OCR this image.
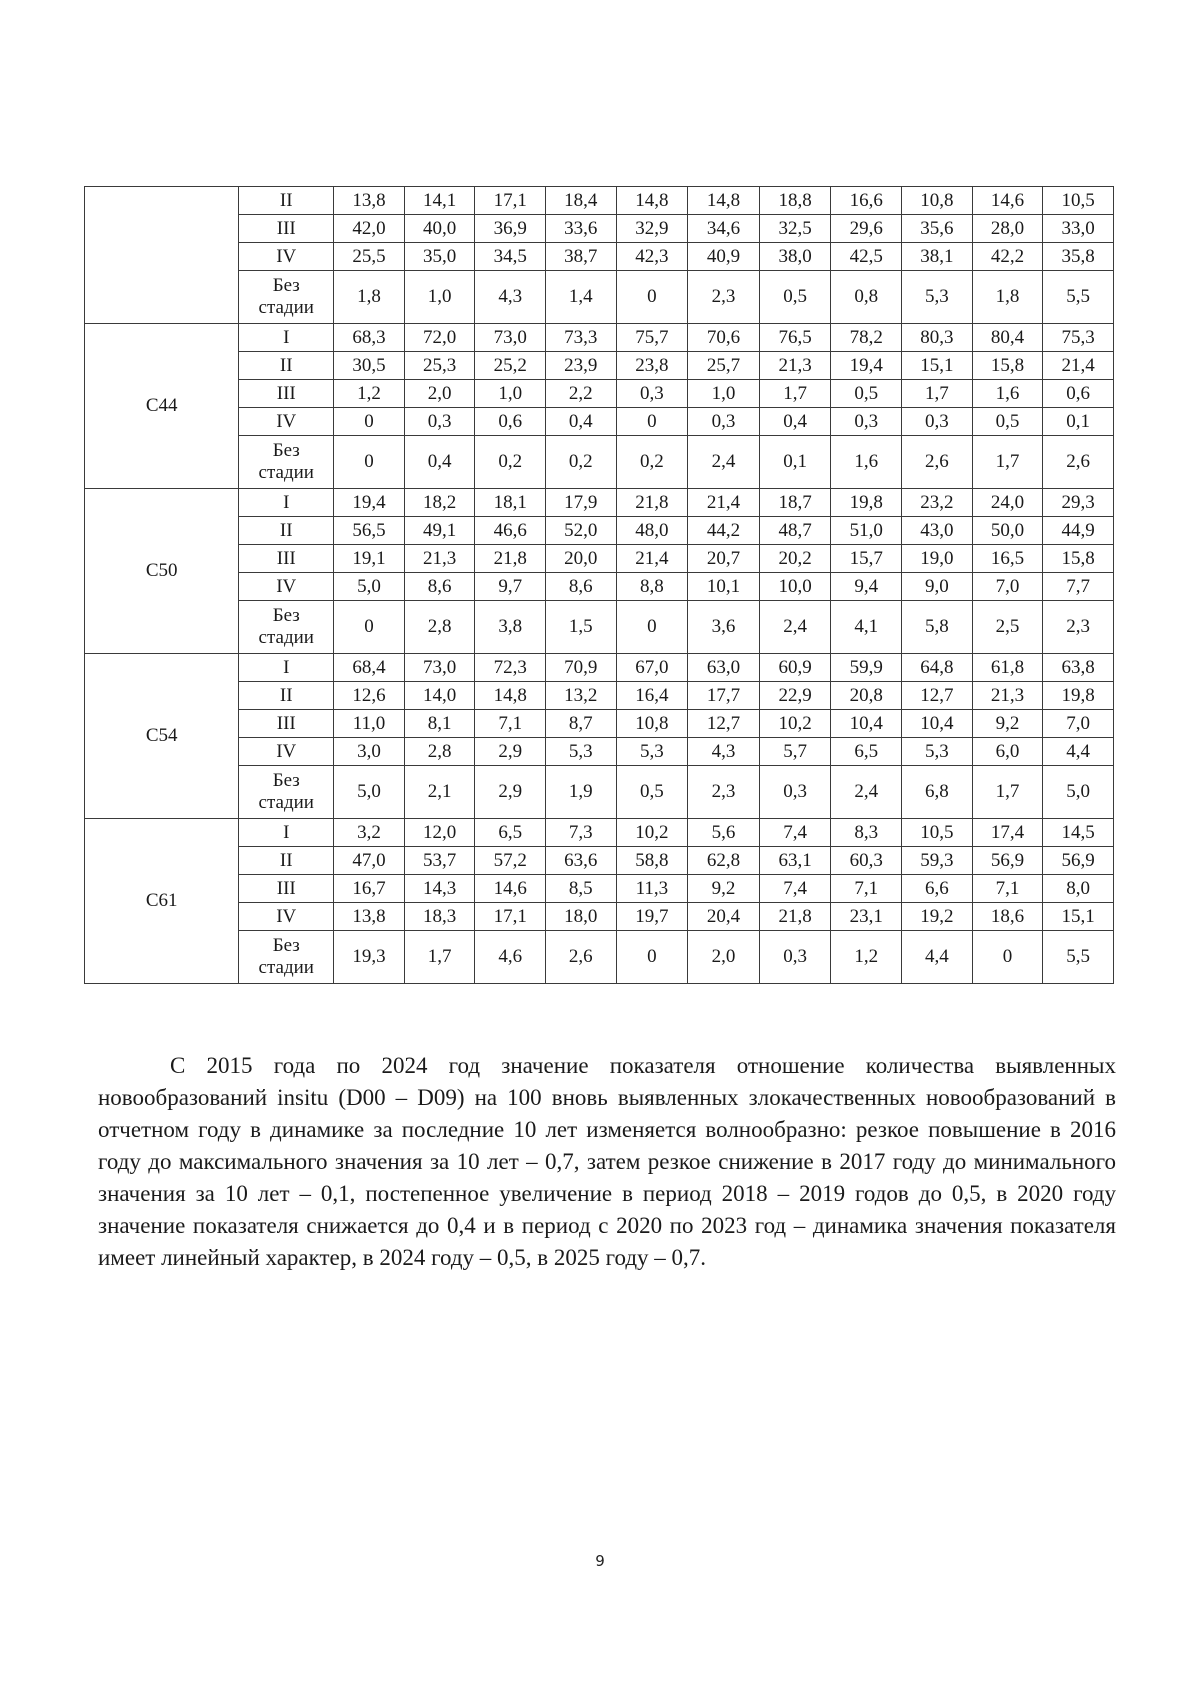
	II	13,8	14,1	17,1	18,4	14,8	14,8	18,8	16,6	10,8	14,6	10,5
	III	42,0	40,0	36,9	33,6	32,9	34,6	32,5	29,6	35,6	28,0	33,0
	IV	25,5	35,0	34,5	38,7	42,3	40,9	38,0	42,5	38,1	42,2	35,8
	Без стадии	1,8	1,0	4,3	1,4	0	2,3	0,5	0,8	5,3	1,8	5,5
C44	I	68,3	72,0	73,0	73,3	75,7	70,6	76,5	78,2	80,3	80,4	75,3
	II	30,5	25,3	25,2	23,9	23,8	25,7	21,3	19,4	15,1	15,8	21,4
	III	1,2	2,0	1,0	2,2	0,3	1,0	1,7	0,5	1,7	1,6	0,6
	IV	0	0,3	0,6	0,4	0	0,3	0,4	0,3	0,3	0,5	0,1
	Без стадии	0	0,4	0,2	0,2	0,2	2,4	0,1	1,6	2,6	1,7	2,6
C50	I	19,4	18,2	18,1	17,9	21,8	21,4	18,7	19,8	23,2	24,0	29,3
	II	56,5	49,1	46,6	52,0	48,0	44,2	48,7	51,0	43,0	50,0	44,9
	III	19,1	21,3	21,8	20,0	21,4	20,7	20,2	15,7	19,0	16,5	15,8
	IV	5,0	8,6	9,7	8,6	8,8	10,1	10,0	9,4	9,0	7,0	7,7
	Без стадии	0	2,8	3,8	1,5	0	3,6	2,4	4,1	5,8	2,5	2,3
C54	I	68,4	73,0	72,3	70,9	67,0	63,0	60,9	59,9	64,8	61,8	63,8
	II	12,6	14,0	14,8	13,2	16,4	17,7	22,9	20,8	12,7	21,3	19,8
	III	11,0	8,1	7,1	8,7	10,8	12,7	10,2	10,4	10,4	9,2	7,0
	IV	3,0	2,8	2,9	5,3	5,3	4,3	5,7	6,5	5,3	6,0	4,4
	Без стадии	5,0	2,1	2,9	1,9	0,5	2,3	0,3	2,4	6,8	1,7	5,0
C61	I	3,2	12,0	6,5	7,3	10,2	5,6	7,4	8,3	10,5	17,4	14,5
	II	47,0	53,7	57,2	63,6	58,8	62,8	63,1	60,3	59,3	56,9	56,9
	III	16,7	14,3	14,6	8,5	11,3	9,2	7,4	7,1	6,6	7,1	8,0
	IV	13,8	18,3	17,1	18,0	19,7	20,4	21,8	23,1	19,2	18,6	15,1
	Без стадии	19,3	1,7	4,6	2,6	0	2,0	0,3	1,2	4,4	0	5,5

С 2015 года по 2024 год значение показателя отношение количества выявленных новообразований insitu (D00 – D09) на 100 вновь выявленных злокачественных новообразований в отчетном году в динамике за последние 10 лет изменяется волнообразно: резкое повышение в 2016 году до максимального значения за 10 лет – 0,7, затем резкое снижение в 2017 году до минимального значения за 10 лет – 0,1, постепенное увеличение в период 2018 – 2019 годов до 0,5, в 2020 году значение показателя снижается до 0,4 и в период с 2020 по 2023 год – динамика значения показателя имеет линейный характер, в 2024 году – 0,5, в 2025 году – 0,7.

9
